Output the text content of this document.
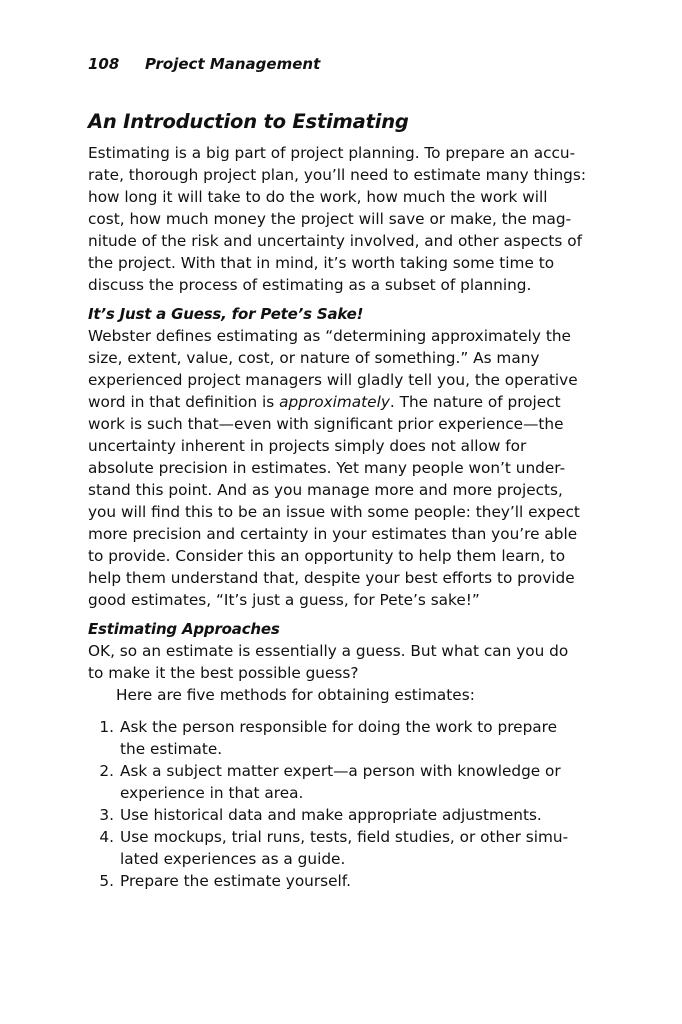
108 Project Management
An Introduction to Estimating

Estimating is a big part of project planning. To prepare an accu-
rate, thorough project plan, you’ll need to estimate many things:
how long it will take to do the work, how much the work will
cost, how much money the project will save or make, the mag-
nitude of the risk and uncertainty involved, and other aspects of
the project. With that in mind, it’s worth taking some time to
discuss the process of estimating as a subset of planning.

It’s Just a Guess, for Pete’s Sake!

Webster defines estimating as “determining approximately the
size, extent, value, cost, or nature of something.” As many
experienced project managers will gladly tell you, the operative
word in that definition is approximately. The nature of project
work is such that—even with significant prior experience—the
uncertainty inherent in projects simply does not allow for
absolute precision in estimates. Yet many people won’t under-
stand this point. And as you manage more and more projects,
you will find this to be an issue with some people: they’ll expect
more precision and certainty in your estimates than you’re able
to provide. Consider this an opportunity to help them learn, to
help them understand that, despite your best efforts to provide
good estimates, “It’s just a guess, for Pete’s sake!”

Estimating Approaches

OK, so an estimate is essentially a guess. But what can you do
to make it the best possible guess?
Here are five methods for obtaining estimates:

1. Ask the person responsible for doing the work to prepare
the estimate.
2. Ask a subject matter expert—a person with knowledge or
experience in that area.
3. Use historical data and make appropriate adjustments.
4. Use mockups, trial runs, tests, field studies, or other simu-
lated experiences as a guide.
5. Prepare the estimate yourself.
